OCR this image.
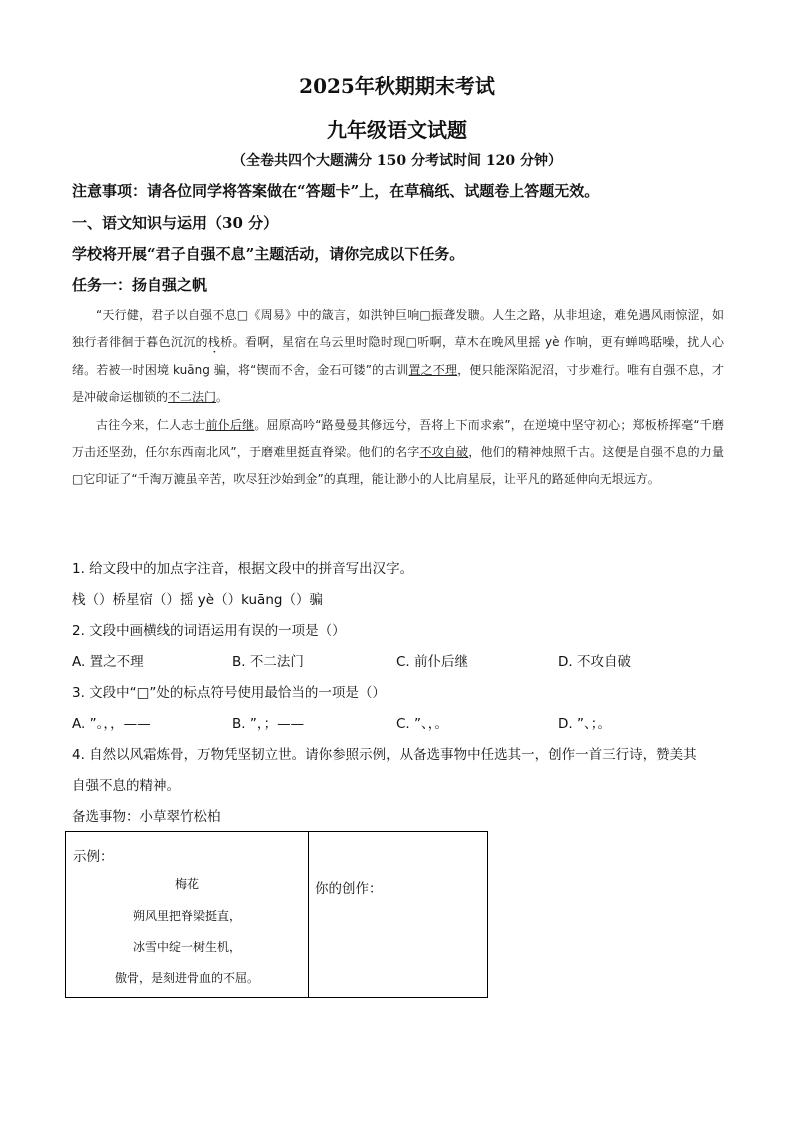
2025年秋期期末考试
九年级语文试题
（全卷共四个大题满分 150 分考试时间 120 分钟）
注意事项：请各位同学将答案做在“答题卡”上，在草稿纸、试题卷上答题无效。
一、语文知识与运用（30 分）
学校将开展“君子自强不息”主题活动，请你完成以下任务。
任务一：扬自强之帆

“天行健，君子以自强不息□《周易》中的箴言，如洪钟巨响□振聋发聩。人生之路，从非坦途，难免遇风雨惊涩，如独行者徘徊于暮色沉沉的栈桥。看啊，星宿在乌云里时隐时现□听啊，草木在晚风里摇 yè 作响，更有蝉鸣聒噪，扰人心绪。若被一时困境 kuāng 骗，将“锲而不舍，金石可镂”的古训置之不理，便只能深陷泥沼，寸步难行。唯有自强不息，才是冲破命运枷锁的不二法门。

古往今来，仁人志士前仆后继。屈原高吟“路曼曼其修远兮，吾将上下而求索”，在逆境中坚守初心；郑板桥挥毫“千磨万击还坚劲，任尔东西南北风”，于磨难里挺直脊梁。他们的名字不攻自破，他们的精神烛照千古。这便是自强不息的力量□它印证了“千淘万漉虽辛苦，吹尽狂沙始到金”的真理，能让渺小的人比肩星辰，让平凡的路延伸向无垠远方。

1. 给文段中的加点字注音，根据文段中的拼音写出汉字。
栈（）桥星宿（）摇 yè（）kuāng（）骗
2. 文段中画横线的词语运用有误的一项是（）
A. 置之不理	B. 不二法门	C. 前仆后继	D. 不攻自破
3. 文段中“□”处的标点符号使用最恰当的一项是（）
A. ”。，，——	B. ”，；——	C. ”、，。	D. ”、；。
4. 自然以风霜炼骨，万物凭坚韧立世。请你参照示例，从备选事物中任选其一，创作一首三行诗，赞美其
自强不息的精神。
备选事物：小草翠竹松柏
示例：
梅花
朔风里把脊梁挺直，
冰雪中绽一树生机，
傲骨，是刻进骨血的不屈。
你的创作：
